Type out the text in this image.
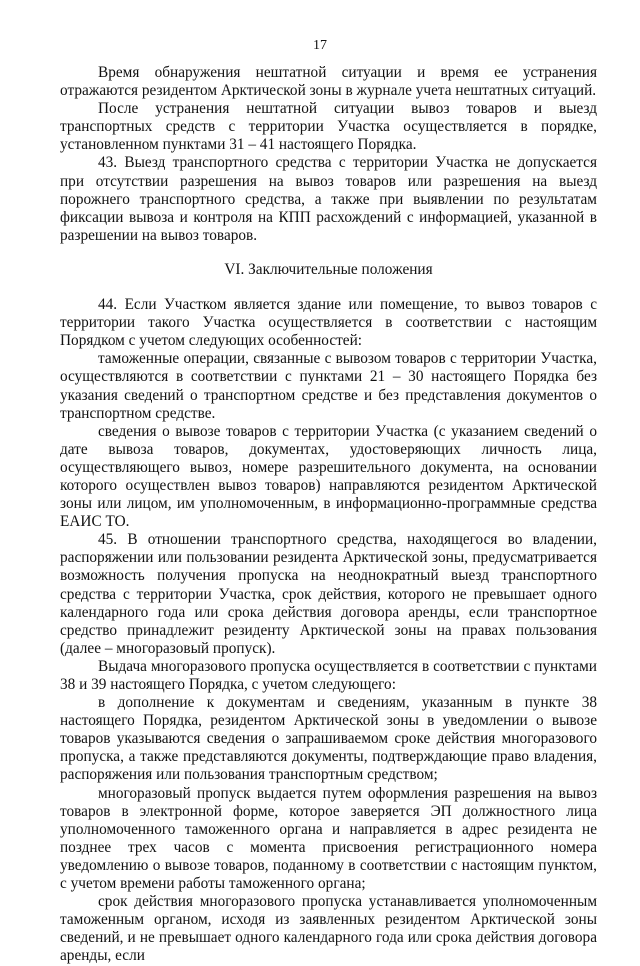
17

Время обнаружения нештатной ситуации и время ее устранения отражаются резидентом Арктической зоны в журнале учета нештатных ситуаций.

После устранения нештатной ситуации вывоз товаров и выезд транспортных средств с территории Участка осуществляется в порядке, установленном пунктами 31 – 41 настоящего Порядка.

43. Выезд транспортного средства с территории Участка не допускается при отсутствии разрешения на вывоз товаров или разрешения на выезд порожнего транспортного средства, а также при выявлении по результатам фиксации вывоза и контроля на КПП расхождений с информацией, указанной в разрешении на вывоз товаров.

VI. Заключительные положения

44. Если Участком является здание или помещение, то вывоз товаров с территории такого Участка осуществляется в соответствии с настоящим Порядком с учетом следующих особенностей:

таможенные операции, связанные с вывозом товаров с территории Участка, осуществляются в соответствии с пунктами 21 – 30 настоящего Порядка без указания сведений о транспортном средстве и без представления документов о транспортном средстве.

сведения о вывозе товаров с территории Участка (с указанием сведений о дате вывоза товаров, документах, удостоверяющих личность лица, осуществляющего вывоз, номере разрешительного документа, на основании которого осуществлен вывоз товаров) направляются резидентом Арктической зоны или лицом, им уполномоченным, в информационно-программные средства ЕАИС ТО.

45. В отношении транспортного средства, находящегося во владении, распоряжении или пользовании резидента Арктической зоны, предусматривается возможность получения пропуска на неоднократный выезд транспортного средства с территории Участка, срок действия, которого не превышает одного календарного года или срока действия договора аренды, если транспортное средство принадлежит резиденту Арктической зоны на правах пользования (далее – многоразовый пропуск).

Выдача многоразового пропуска осуществляется в соответствии с пунктами 38 и 39 настоящего Порядка, с учетом следующего:

в дополнение к документам и сведениям, указанным в пункте 38 настоящего Порядка, резидентом Арктической зоны в уведомлении о вывозе товаров указываются сведения о запрашиваемом сроке действия многоразового пропуска, а также представляются документы, подтверждающие право владения, распоряжения или пользования транспортным средством;

многоразовый пропуск выдается путем оформления разрешения на вывоз товаров в электронной форме, которое заверяется ЭП должностного лица уполномоченного таможенного органа и направляется в адрес резидента не позднее трех часов с момента присвоения регистрационного номера уведомлению о вывозе товаров, поданному в соответствии с настоящим пунктом, с учетом времени работы таможенного органа;

срок действия многоразового пропуска устанавливается уполномоченным таможенным органом, исходя из заявленных резидентом Арктической зоны сведений, и не превышает одного календарного года или срока действия договора аренды, если
